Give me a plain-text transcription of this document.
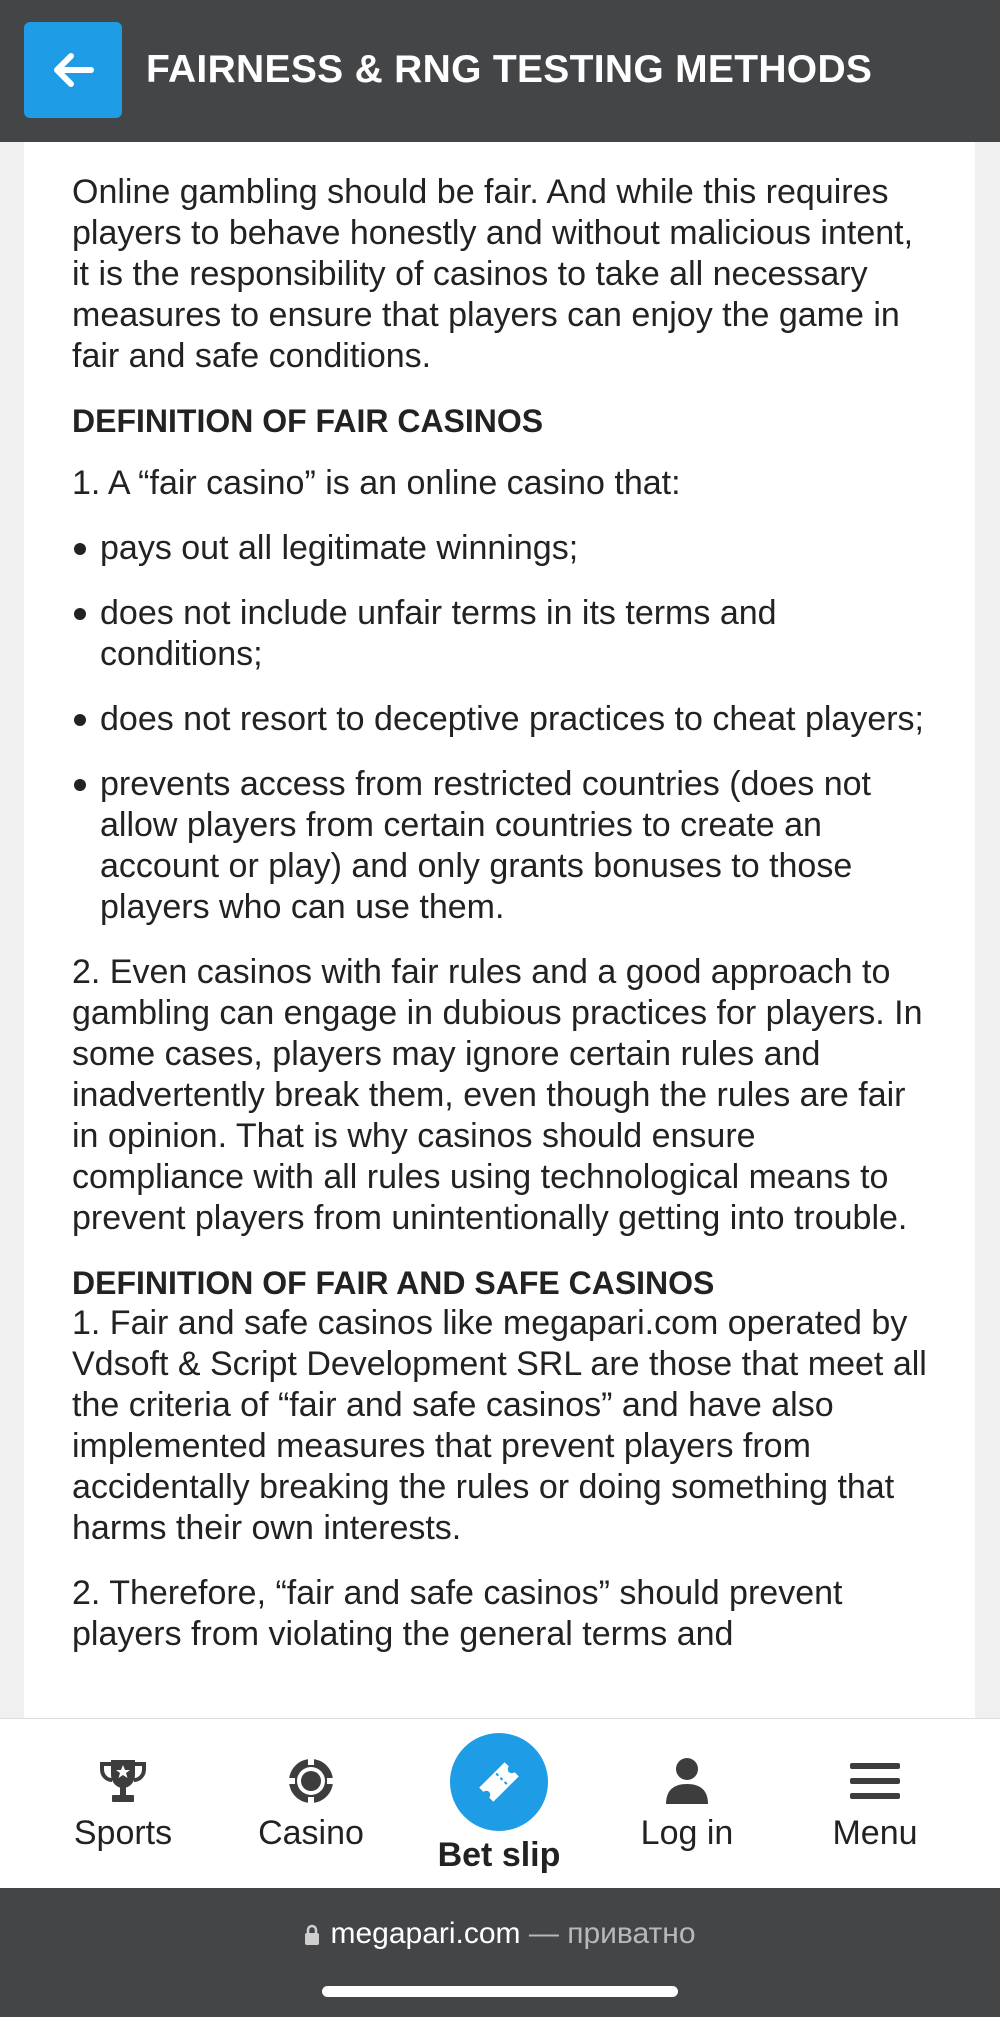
FAIRNESS & RNG TESTING METHODS

Online gambling should be fair. And while this requires players to behave honestly and without malicious intent, it is the responsibility of casinos to take all necessary measures to ensure that players can enjoy the game in fair and safe conditions.

DEFINITION OF FAIR CASINOS

1. A “fair casino” is an online casino that:

pays out all legitimate winnings;
does not include unfair terms in its terms and conditions;
does not resort to deceptive practices to cheat players;
prevents access from restricted countries (does not allow players from certain countries to create an account or play) and only grants bonuses to those players who can use them.

2. Even casinos with fair rules and a good approach to gambling can engage in dubious practices for players. In some cases, players may ignore certain rules and inadvertently break them, even though the rules are fair in opinion. That is why casinos should ensure compliance with all rules using technological means to prevent players from unintentionally getting into trouble.

DEFINITION OF FAIR AND SAFE CASINOS

1. Fair and safe casinos like megapari.com operated by Vdsoft & Script Development SRL are those that meet all the criteria of “fair and safe casinos” and have also implemented measures that prevent players from accidentally breaking the rules or doing something that harms their own interests.

2. Therefore, “fair and safe casinos” should prevent players from violating the general terms and

Sports	Casino
Bet slip
Log in	Menu
megapari.com — приватно
